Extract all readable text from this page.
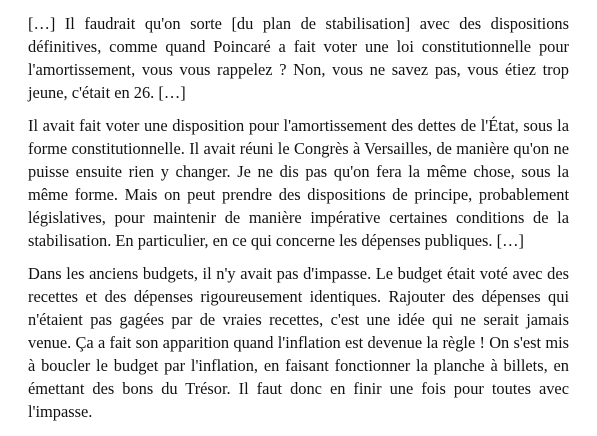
[…] Il faudrait qu'on sorte [du plan de stabilisation] avec des dispositions définitives, comme quand Poincaré a fait voter une loi constitutionnelle pour l'amortissement, vous vous rappelez ? Non, vous ne savez pas, vous étiez trop jeune, c'était en 26. […]

Il avait fait voter une disposition pour l'amortissement des dettes de l'État, sous la forme constitutionnelle. Il avait réuni le Congrès à Versailles, de manière qu'on ne puisse ensuite rien y changer. Je ne dis pas qu'on fera la même chose, sous la même forme. Mais on peut prendre des dispositions de principe, probablement législatives, pour maintenir de manière impérative certaines conditions de la stabilisation. En particulier, en ce qui concerne les dépenses publiques. […]

Dans les anciens budgets, il n'y avait pas d'impasse. Le budget était voté avec des recettes et des dépenses rigoureusement identiques. Rajouter des dépenses qui n'étaient pas gagées par de vraies recettes, c'est une idée qui ne serait jamais venue. Ça a fait son apparition quand l'inflation est devenue la règle ! On s'est mis à boucler le budget par l'inflation, en faisant fonctionner la planche à billets, en émettant des bons du Trésor. Il faut donc en finir une fois pour toutes avec l'impasse.
